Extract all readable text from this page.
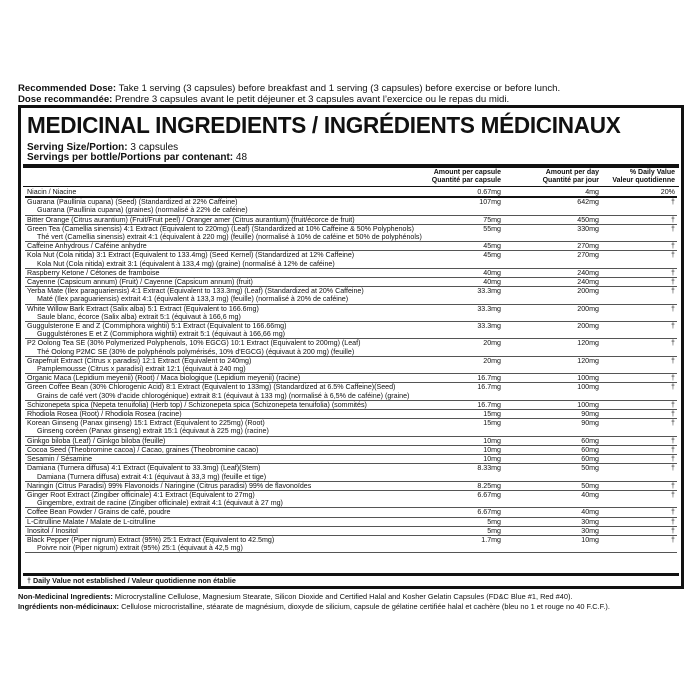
Recommended Dose: Take 1 serving (3 capsules) before breakfast and 1 serving (3 capsules) before exercise or before lunch.
Dose recommandée: Prendre 3 capsules avant le petit déjeuner et 3 capsules avant l’exercice ou le repas du midi.
MEDICINAL INGREDIENTS / INGRÉDIENTS MÉDICINAUX
Serving Size/Portion: 3 capsules
Servings per bottle/Portions par contenant: 48
Amount per capsule
Quantité par capsule
Amount per day
Quantité par jour
% Daily Value
Valeur quotidienne
Niacin / Niacine	0.67mg	4mg	20%
Guarana (Paullinia cupana) (Seed) (Standardized at 22% Caffeine)
Guarana (Paullinia cupana) (graines) (normalisé à 22% de caféine)
107mg	642mg	†
Bitter Orange (Citrus aurantium) (Fruit/Fruit peel) / Oranger amer (Citrus aurantium) (fruit/écorce de fruit)	75mg	450mg	†
Green Tea (Camellia sinensis) 4:1 Extract (Equivalent to 220mg) (Leaf) (Standardized at 10% Caffeine & 50% Polyphenols)
Thé vert (Camellia sinensis) extrait 4:1 (équivalent à 220 mg) (feuille) (normalisé à 10% de caféine et 50% de polyphénols)
55mg	330mg	†
Caffeine Anhydrous / Caféine anhydre	45mg	270mg	†
Kola Nut (Cola nitida) 3:1 Extract (Equivalent to 133.4mg) (Seed Kernel) (Standardized at 12% Caffeine)
Kola Nut (Cola nitida) extrait 3:1 (équivalent à 133,4 mg) (graine) (normalisé à 12% de caféine)
45mg	270mg	†
Raspberry Ketone / Cétones de framboise	40mg	240mg	†
Cayenne (Capsicum annum) (Fruit) / Cayenne (Capsicum annum) (fruit)	40mg	240mg	†
Yerba Mate (Ilex paraguariensis) 4:1 Extract (Equivalent to 133.3mg) (Leaf) (Standardized at 20% Caffeine)
Maté (Ilex paraguariensis) extrait 4:1 (équivalent à 133,3 mg) (feuille) (normalisé à 20% de caféine)
33.3mg	200mg	†
White Willow Bark Extract (Salix alba) 5:1 Extract (Equivalent to 166.6mg)
Saule blanc, écorce (Salix alba) extrait 5:1 (équivaut à 166,6 mg)
33.3mg	200mg	†
Guggulsterone E and Z (Commiphora wightii) 5:1 Extract (Equivalent to 166.66mg)
Guggulstérones E et Z (Commiphora wightii) extrait 5:1 (équivaut à 166,66 mg)
33.3mg	200mg	†
P2 Oolong Tea SE (30% Polymerized Polyphenols, 10% EGCG) 10:1 Extract (Equivalent to 200mg) (Leaf)
Thé Oolong P2MC SE (30% de polyphénols polymérisés, 10% d'EGCG) (équivaut à 200 mg) (feuille)
20mg	120mg	†
Grapefruit Extract (Citrus x paradisi) 12:1 Extract (Equivalent to 240mg)
Pamplemousse (Citrus x paradisi) extrait 12:1 (équivaut à 240 mg)
20mg	120mg	†
Organic Maca (Lepidium meyenii) (Root) / Maca biologique (Lepidium meyenii) (racine)	16.7mg	100mg	†
Green Coffee Bean (30% Chlorogenic Acid) 8:1 Extract (Equivalent to 133mg) (Standardized at 6.5% Caffeine)(Seed)
Grains de café vert (30% d'acide chlorogénique) extrait 8:1 (équivaut à 133 mg) (normalisé à 6,5% de caféine) (graine)
16.7mg	100mg	†
Schizonepeta spica (Nepeta tenuifolia) (Herb top) / Schizonepeta spica (Schizonepeta tenuifolia) (sommités)	16.7mg	100mg	†
Rhodiola Rosea (Root) / Rhodiola Rosea (racine)	15mg	90mg	†
Korean Ginseng (Panax ginseng) 15:1 Extract (Equivalent to 225mg) (Root)
Ginseng coréen (Panax ginseng) extrait 15:1 (équivaut à 225 mg) (racine)
15mg	90mg	†
Ginkgo biloba (Leaf) / Ginkgo biloba (feuille)	10mg	60mg	†
Cocoa Seed (Theobromine cacoa) / Cacao, graines (Theobromine cacao)	10mg	60mg	†
Sesamin / Sésamine	10mg	60mg	†
Damiana (Turnera diffusa) 4:1 Extract (Equivalent to 33.3mg) (Leaf)(Stem)
Damiana (Turnera diffusa) extrait 4:1 (équivaut à 33,3 mg) (feuille et tige)
8.33mg	50mg	†
Naringin (Citrus Paradisi) 99% Flavonoids / Naringine (Citrus paradisi) 99% de flavonoïdes	8.25mg	50mg	†
Ginger Root Extract (Zingiber officinale) 4:1 Extract (Equivalent to 27mg)
Gingembre, extrait de racine (Zingiber officinale) extrait 4:1 (équivaut à 27 mg)
6.67mg	40mg	†
Coffee Bean Powder / Grains de café, poudre	6.67mg	40mg	†
L-Citrulline Malate / Malate de L-citrulline	5mg	30mg	†
Inositol / Inositol	5mg	30mg	†
Black Pepper (Piper nigrum) Extract (95%) 25:1 Extract (Equivalent to 42.5mg)
Poivre noir (Piper nigrum) extrait (95%) 25:1 (équivaut à 42,5 mg)
1.7mg	10mg	†
† Daily Value not established / Valeur quotidienne non établie
Non-Medicinal Ingredients: Microcrystalline Cellulose, Magnesium Stearate, Silicon Dioxide and Certified Halal and Kosher Gelatin Capsules (FD&C Blue #1, Red #40).
Ingrédients non-médicinaux: Cellulose microcristalline, stéarate de magnésium, dioxyde de silicium, capsule de gélatine certifiée halal et cachère (bleu no 1 et rouge no 40 F.C.F.).
